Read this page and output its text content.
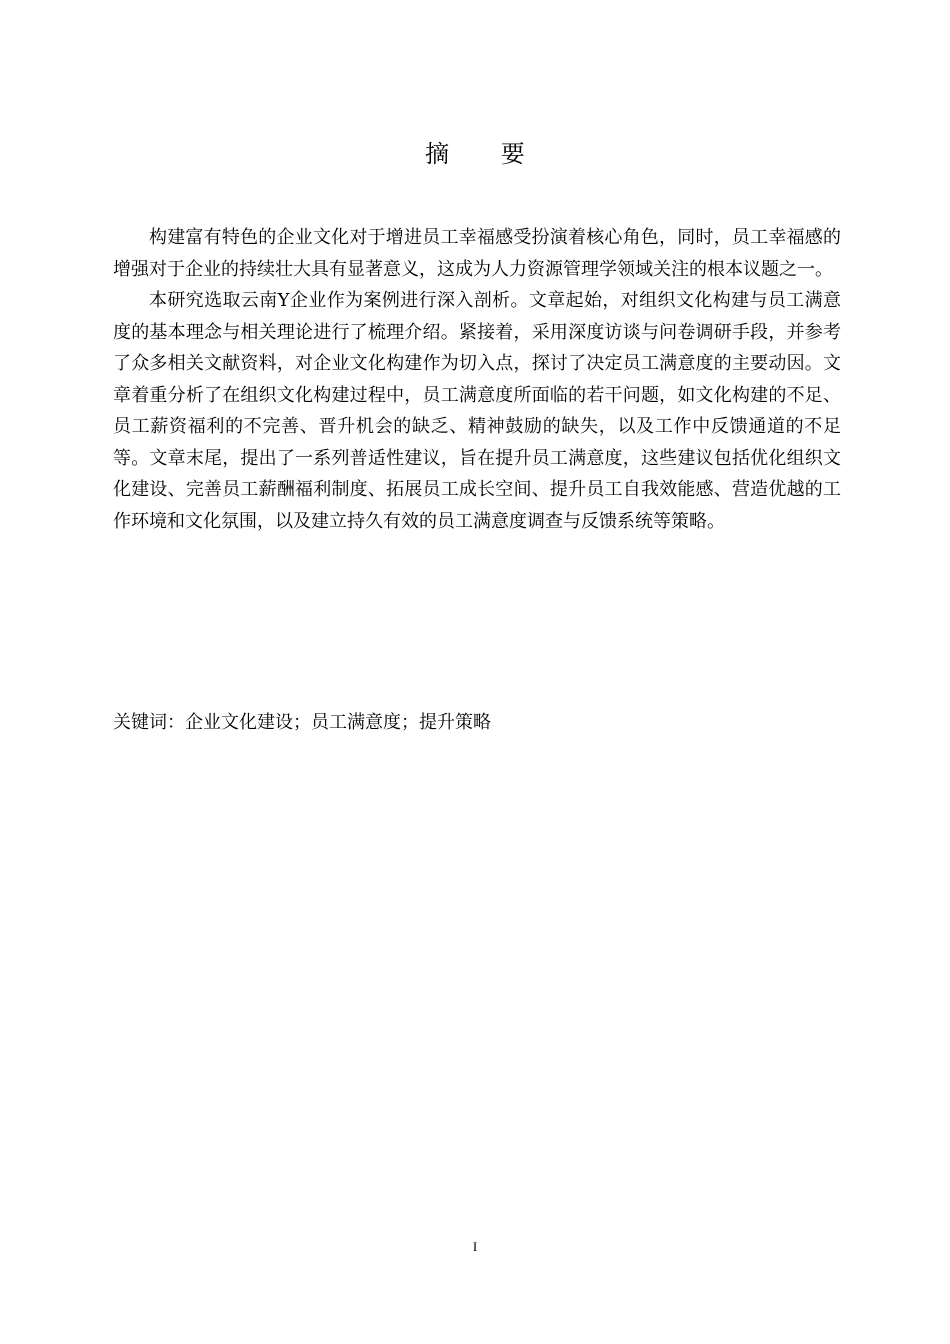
摘 要

构建富有特色的企业文化对于增进员工幸福感受扮演着核心角色，同时，员工幸福感的增强对于企业的持续壮大具有显著意义，这成为人力资源管理学领域关注的根本议题之一。

本研究选取云南Y企业作为案例进行深入剖析。文章起始，对组织文化构建与员工满意度的基本理念与相关理论进行了梳理介绍。紧接着，采用深度访谈与问卷调研手段，并参考了众多相关文献资料，对企业文化构建作为切入点，探讨了决定员工满意度的主要动因。文章着重分析了在组织文化构建过程中，员工满意度所面临的若干问题，如文化构建的不足、员工薪资福利的不完善、晋升机会的缺乏、精神鼓励的缺失，以及工作中反馈通道的不足等。文章末尾，提出了一系列普适性建议，旨在提升员工满意度，这些建议包括优化组织文化建设、完善员工薪酬福利制度、拓展员工成长空间、提升员工自我效能感、营造优越的工作环境和文化氛围，以及建立持久有效的员工满意度调查与反馈系统等策略。

关键词：企业文化建设；员工满意度；提升策略
I
